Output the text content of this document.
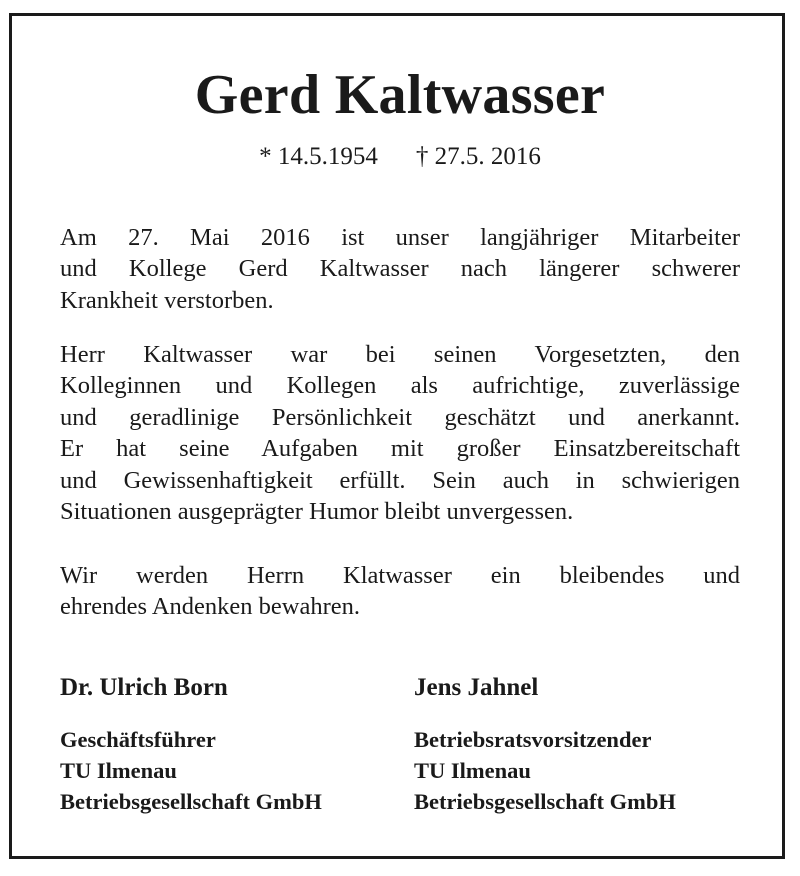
Gerd Kaltwasser
* 14.5.1954 † 27.5. 2016
Am 27. Mai 2016 ist unser langjähriger Mitarbeiter
und Kollege Gerd Kaltwasser nach längerer schwerer
Krankheit verstorben.
Herr Kaltwasser war bei seinen Vorgesetzten, den
Kolleginnen und Kollegen als aufrichtige, zuverlässige
und geradlinige Persönlichkeit geschätzt und anerkannt.
Er hat seine Aufgaben mit großer Einsatzbereitschaft
und Gewissenhaftigkeit erfüllt. Sein auch in schwierigen
Situationen ausgeprägter Humor bleibt unvergessen.
Wir werden Herrn Klatwasser ein bleibendes und
ehrendes Andenken bewahren.
Dr. Ulrich Born
Geschäftsführer
TU Ilmenau
Betriebsgesellschaft GmbH
Jens Jahnel
Betriebsratsvorsitzender
TU Ilmenau
Betriebsgesellschaft GmbH
